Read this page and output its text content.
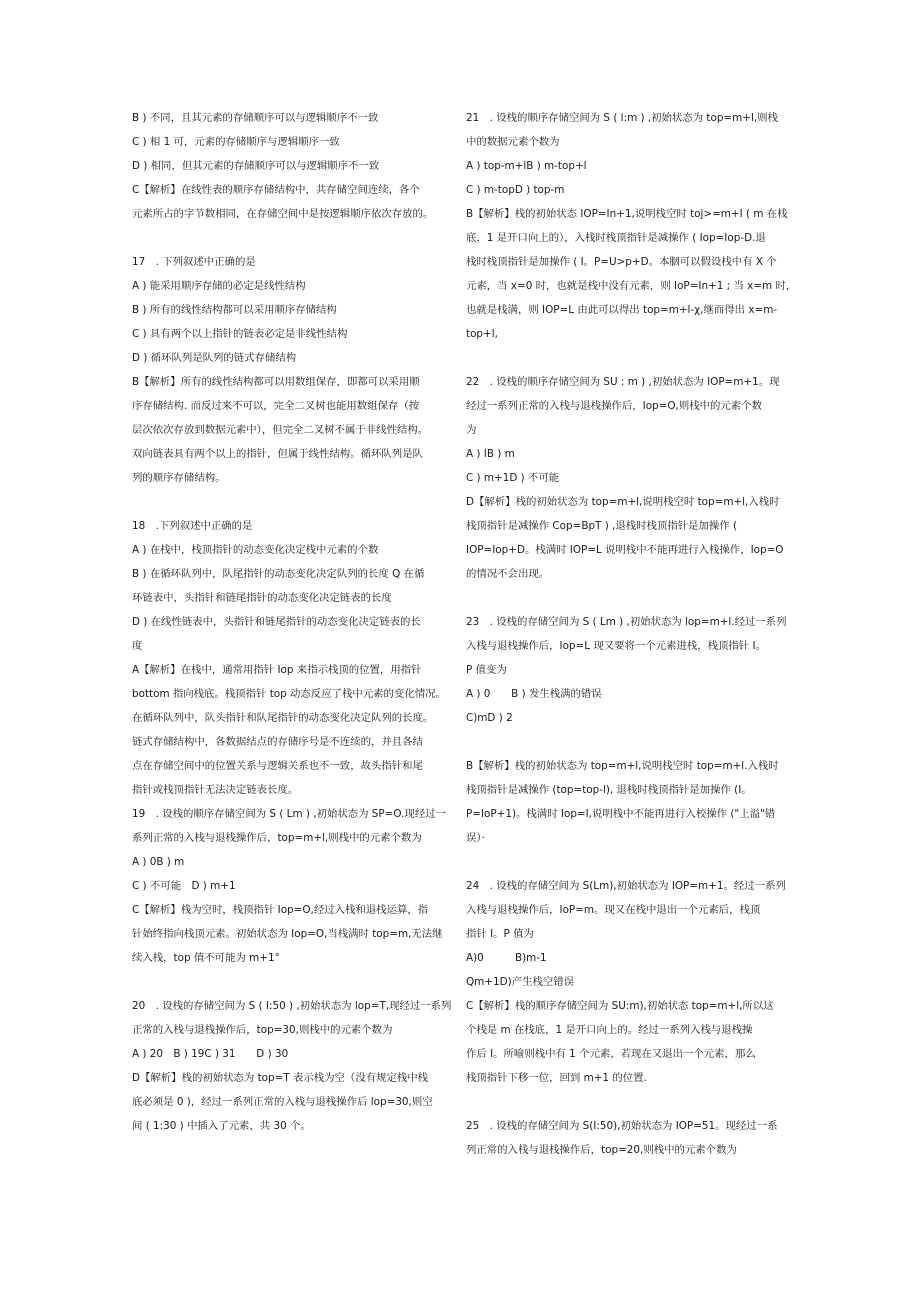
B ) 不同，且其元素的存储顺序可以与逻辑顺序不一致
C ) 相 1 可，元素的存储顺序与逻辑顺序一致
D ) 相同，但其元素的存储顺序可以与逻辑顺序不一致
C【解析】在线性表的顺序存储结构中，共存储空间连续，各个
元素所占的字节数相同，在存储空间中是按逻辑顺序依次存放的。
17　. 下列叙述中正确的是
A ) 能采用顺序存储的必定是线性结构
B ) 所有的线性结构都可以采用顺序存储结构
C ) 具有两个以上指针的链表必定是非线性结构
D ) 循环队列是队列的链式存储结构
B【解析】所有的线性结构都可以用数组保存，即都可以采用顺
序存储结构. 而反过来不可以，完全二叉树也能用数组保存（按
层次依次存放到数据元素中），但完全二叉树不属于非线性结构。
双向链表具有两个以上的指针，但属于线性结构。循环队列是队
列的顺序存储结构。
18　.下列叙述中正确的是
A ) 在栈中，栈顶指针的动态变化决定栈中元素的个数
B ) 在循环队列中，队尾指针的动态变化决定队列的长度 Q 在循
环链表中，头指针和链尾指针的动态变化决定链表的长度
D ) 在线性链表中，头指针和链尾指针的动态变化决定链表的长
度
A【解析】在栈中，通常用指针 Iop 来指示栈顶的位置，用指针
bottom 指向栈底。栈顶指针 top 动态反应了栈中元素的变化情况。
在循环队列中，队头指针和队尾指针的动态变化决定队列的长度。
链式存储结构中，各数据结点的存储序号是不连续的，并且各结
点在存储空间中的位置关系与逻辑关系也不一致，故头指针和尾
指针或栈顶指针无法决定链表长度。
19　. 设栈的顺序存储空间为 S ( Lm ) ,初始状态为 SP=O.现经过一
系列正常的入栈与退栈操作后，top=m+l,则栈中的元素个数为
A ) 0B ) m
C ) 不可能　D ) m+1
C【解析】栈为空时，栈顶指针 Iop=O,经过入栈和退栈运算，指
针始终指向栈顶元素。初始状态为 Iop=O,当栈满时 top=m,无法继
续入栈，top 值不可能为 m+1°
20　. 设栈的存储空间为 S ( I:50 ) ,初始状态为 lop=T,现经过一系列
正常的入栈与退栈操作后，top=30,则栈中的元素个数为
A ) 20　B ) 19C ) 31　　D ) 30
D【解析】栈的初始状态为 top=T 表示栈为空（没有规定栈中栈
底必须是 0 )，经过一系列正常的入栈与退栈操作后 lop=30,则空
间 ( 1:30 ) 中插入了元素，共 30 个。
21　. 设栈的顺序存储空间为 S ( l:m ) ,初始状态为 top=m+l,则栈
中的数据元素个数为
A ) top-m+lB ) m-top+l
C ) m-topD ) top-m
B【解析】栈的初始状态 IOP=In+1,说明栈空时 toj>=m+I ( m 在栈
底，1 是开口向上的），入栈时栈顶指针是减操作 ( Iop=Iop-D.退
栈时栈顶指针是加操作 ( I。P=U>p+D。本胭可以假设栈中有 X 个
元素，当 x=0 时，也就是栈中没有元素，则 IoP=In+1 ; 当 x=m 时，
也就是栈满，则 IOP=L 由此可以得出 top=m+l-χ,继而得出 x=m-
top+l,
22　. 设栈的顺序存储空间为 SU : m ) ,初始状态为 IOP=m+1。现
经过一系列正常的入栈与退栈操作后，Iop=O,则栈中的元素个数
为
A ) IB ) m
C ) m+1D ) 不可能
D【解析】栈的初始状态为 top=m+l,说明栈空时 top=m+l,入栈时
栈顶指针是减操作 Cop=BpT ) ,退栈时栈顶指针是加操作 (
IOP=Iop+D。栈满时 IOP=L 说明栈中不能再进行入栈操作，Iop=O
的情况不会出现。
23　. 设栈的存储空间为 S ( Lm ) ,初始状态为 lop=m+l.经过一系列
入栈与退栈操作后，Iop=L 现又要将一个元素进栈，栈顶指针 I。
P 值变为
A ) 0　　B ) 发生栈满的错误
C)mD ) 2
B【解析】栈的初始状态为 top=m+l,说明栈空时 top=m+l.入栈时
栈顶指针是减操作 (top=top-l), 退栈时栈顶指针是加操作 (I。
P=IoP+1)。栈满时 Iop=I,说明栈中不能再进行入校操作 ("上溢"错
误）·
24　. 设栈的存储空间为 S(Lm),初始状态为 IOP=m+1。经过一系列
入栈与退栈操作后，IoP=m。现又在栈中退出一个元素后，栈顶
指针 I。P 值为
A)0　　　B)m-1
Qm+1D)产生栈空错误
C【解析】栈的顺序存储空间为 SU:m),初始状态 top=m+l,所以这
个栈是 m 在栈底，1 是开口向上的。经过一系列入栈与退栈操
作后 I。所喻则栈中有 1 个元素，若现在又退出一个元素，那么
栈顶指针下移一位，回到 m+1 的位置.
25　. 设栈的存储空间为 S(I:50),初始状态为 IOP=51。现经过一系
列正常的入栈与退栈操作后，top=20,则栈中的元素个数为
